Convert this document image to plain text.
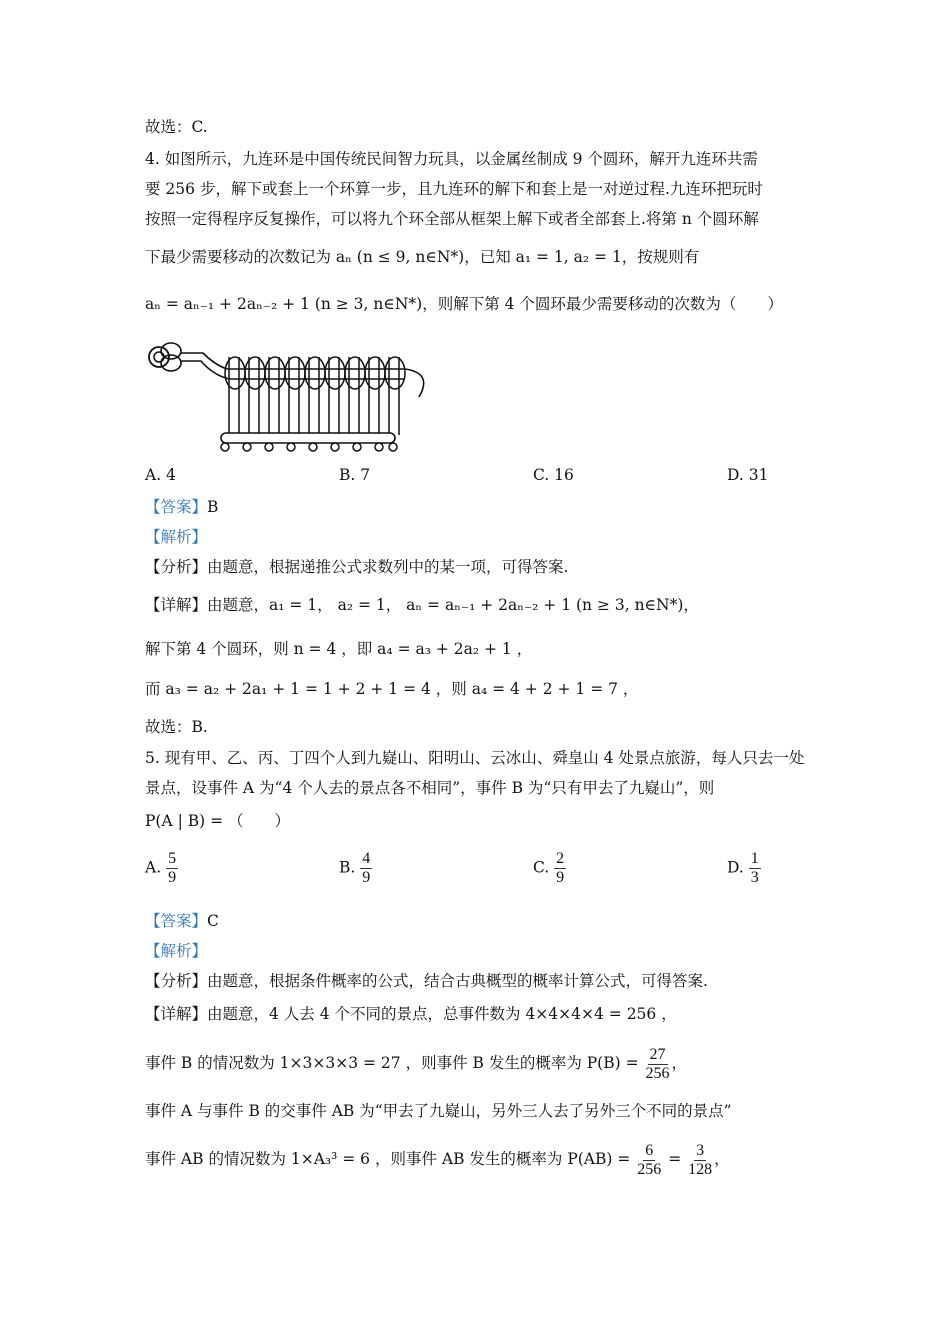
故选：C.
4. 如图所示，九连环是中国传统民间智力玩具，以金属丝制成 9 个圆环，解开九连环共需
要 256 步，解下或套上一个环算一步，且九连环的解下和套上是一对逆过程.九连环把玩时
按照一定得程序反复操作，可以将九个环全部从框架上解下或者全部套上.将第 n 个圆环解
下最少需要移动的次数记为 aₙ (n ≤ 9, n∈N*)，已知 a₁ = 1, a₂ = 1，按规则有
aₙ = aₙ₋₁ + 2aₙ₋₂ + 1 (n ≥ 3, n∈N*)，则解下第 4 个圆环最少需要移动的次数为（　　）
A. 4	B. 7	C. 16	D. 31
【答案】B
【解析】
【分析】由题意，根据递推公式求数列中的某一项，可得答案.
【详解】由题意，a₁ = 1， a₂ = 1， aₙ = aₙ₋₁ + 2aₙ₋₂ + 1 (n ≥ 3, n∈N*)，
解下第 4 个圆环，则 n = 4 ，即 a₄ = a₃ + 2a₂ + 1 ，
而 a₃ = a₂ + 2a₁ + 1 = 1 + 2 + 1 = 4 ，则 a₄ = 4 + 2 + 1 = 7 ，
故选：B.
5. 现有甲、乙、丙、丁四个人到九嶷山、阳明山、云冰山、舜皇山 4 处景点旅游，每人只去一处
景点，设事件 A 为“4 个人去的景点各不相同”，事件 B 为“只有甲去了九嶷山”，则
P(A | B) = （　　）
A. $\frac{5}{9}$	B. $\frac{4}{9}$	C. $\frac{2}{9}$	D. $\frac{1}{3}$
【答案】C
【解析】
【分析】由题意，根据条件概率的公式，结合古典概型的概率计算公式，可得答案.
【详解】由题意，4 人去 4 个不同的景点，总事件数为 4×4×4×4 = 256 ，
事件 B 的情况数为 1×3×3×3 = 27 ，则事件 B 发生的概率为 $P(B) = \frac{27}{256}$ ，
事件 A 与事件 B 的交事件 AB 为“甲去了九嶷山，另外三人去了另外三个不同的景点”
事件 AB 的情况数为 1×A₃³ = 6 ，则事件 AB 发生的概率为 $P(AB) = \frac{6}{256} = \frac{3}{128}$ ，
